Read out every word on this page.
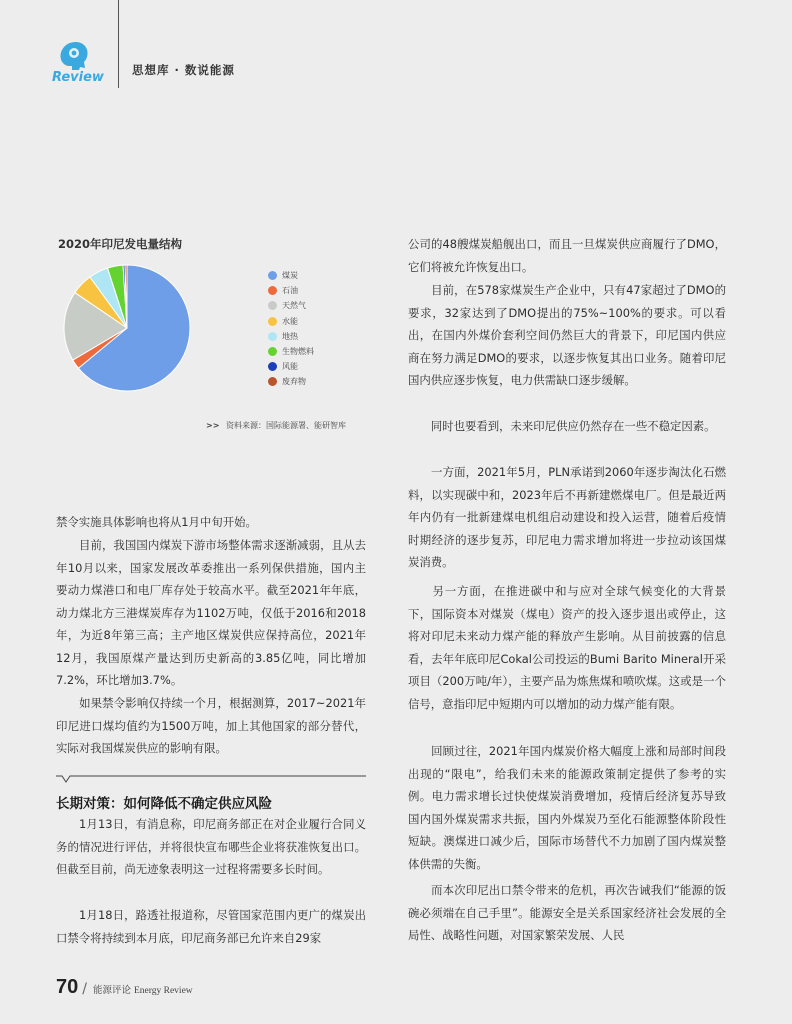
Review 思想库 · 数说能源
2020年印尼发电量结构
煤炭
石油
天然气
水能
地热
生物燃料
风能
废弃物
>> 资料来源：国际能源署、能研智库

禁令实施具体影响也将从1月中旬开始。

　　目前，我国国内煤炭下游市场整体需求逐渐减弱，且从去年10月以来，国家发展改革委推出一系列保供措施，国内主要动力煤港口和电厂库存处于较高水平。截至2021年年底，动力煤北方三港煤炭库存为1102万吨，仅低于2016和2018年，为近8年第三高；主产地区煤炭供应保持高位，2021年12月，我国原煤产量达到历史新高的3.85亿吨，同比增加7.2%，环比增加3.7%。

　　如果禁令影响仅持续一个月，根据测算，2017~2021年印尼进口煤均值约为1500万吨，加上其他国家的部分替代，实际对我国煤炭供应的影响有限。

长期对策：如何降低不确定供应风险

　　1月13日，有消息称，印尼商务部正在对企业履行合同义务的情况进行评估，并将很快宣布哪些企业将获准恢复出口。但截至目前，尚无迹象表明这一过程将需要多长时间。

　　1月18日，路透社报道称，尽管国家范围内更广的煤炭出口禁令将持续到本月底，印尼商务部已允许来自29家

公司的48艘煤炭船舰出口，而且一旦煤炭供应商履行了DMO，它们将被允许恢复出口。

　　目前，在578家煤炭生产企业中，只有47家超过了DMO的要求，32家达到了DMO提出的75%~100%的要求。可以看出，在国内外煤价套利空间仍然巨大的背景下，印尼国内供应商在努力满足DMO的要求，以逐步恢复其出口业务。随着印尼国内供应逐步恢复，电力供需缺口逐步缓解。

　　同时也要看到，未来印尼供应仍然存在一些不稳定因素。

　　一方面，2021年5月，PLN承诺到2060年逐步淘汰化石燃料，以实现碳中和，2023年后不再新建燃煤电厂。但是最近两年内仍有一批新建煤电机组启动建设和投入运营，随着后疫情时期经济的逐步复苏，印尼电力需求增加将进一步拉动该国煤炭消费。

　　另一方面，在推进碳中和与应对全球气候变化的大背景下，国际资本对煤炭（煤电）资产的投入逐步退出或停止，这将对印尼未来动力煤产能的释放产生影响。从目前披露的信息看，去年年底印尼Cokal公司投运的Bumi Barito Mineral开采项目（200万吨/年），主要产品为炼焦煤和喷吹煤。这或是一个信号，意指印尼中短期内可以增加的动力煤产能有限。

　　回顾过往，2021年国内煤炭价格大幅度上涨和局部时间段出现的“限电”，给我们未来的能源政策制定提供了参考的实例。电力需求增长过快使煤炭消费增加，疫情后经济复苏导致国内国外煤炭需求共振，国内外煤炭乃至化石能源整体阶段性短缺。澳煤进口减少后，国际市场替代不力加剧了国内煤炭整体供需的失衡。

　　而本次印尼出口禁令带来的危机，再次告诫我们“能源的饭碗必须端在自己手里”。能源安全是关系国家经济社会发展的全局性、战略性问题，对国家繁荣发展、人民

70 / 能源评论 Energy Review
